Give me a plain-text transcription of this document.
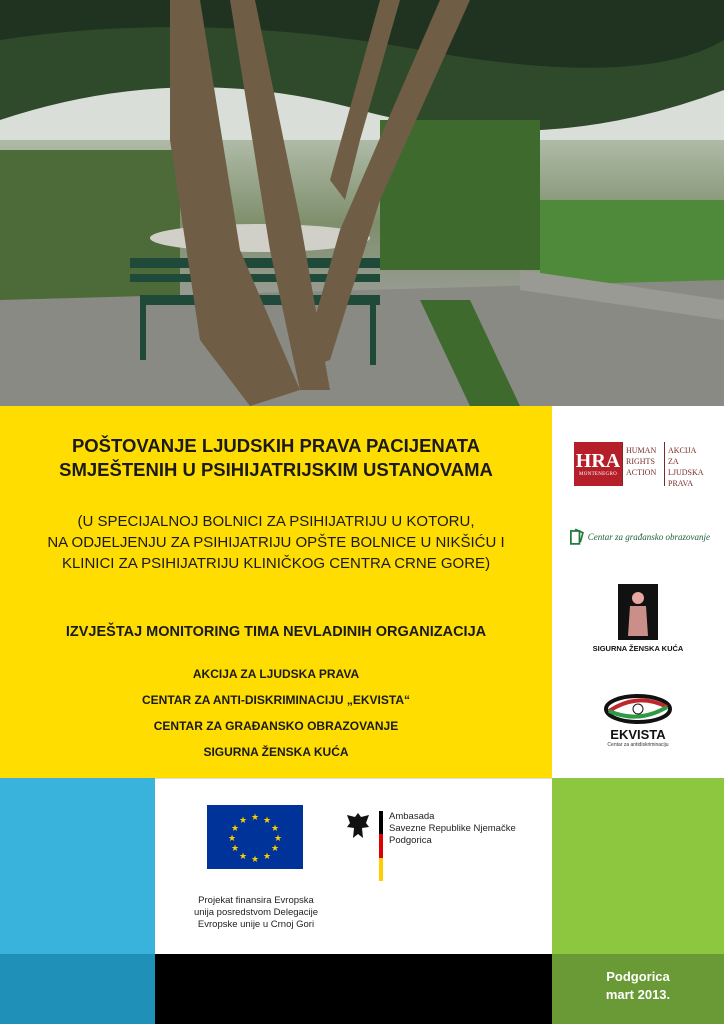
POŠTOVANJE LJUDSKIH PRAVA PACIJENATA
SMJEŠTENIH U PSIHIJATRIJSKIM USTANOVAMA
(U SPECIJALNOJ BOLNICI ZA PSIHIJATRIJU U KOTORU,
NA ODJELJENJU ZA PSIHIJATRIJU OPŠTE BOLNICE U NIKŠIĆU I
KLINICI ZA PSIHIJATRIJU KLINIČKOG CENTRA CRNE GORE)
IZVJEŠTAJ MONITORING TIMA NEVLADINIH ORGANIZACIJA
AKCIJA ZA LJUDSKA PRAVA
CENTAR ZA ANTI-DISKRIMINACIJU „EKVISTA“
CENTAR ZA GRAĐANSKO OBRAZOVANJE
SIGURNA ŽENSKA KUĆA
HRA
MONTENEGRO
HUMAN
RIGHTS
ACTION
AKCIJA ZA
LJUDSKA
PRAVA
Centar za građansko obrazovanje
SIGURNA ŽENSKA KUĆA
EKVISTA
Centar za antidiskriminaciju
★ ★
★
★
★
★
★
★
★
★
★
★
Projekat finansira Evropska
unija posredstvom Delegacije
Evropske unije u Crnoj Gori
Ambasada
Savezne Republike Njemačke
Podgorica
Podgorica
mart 2013.
